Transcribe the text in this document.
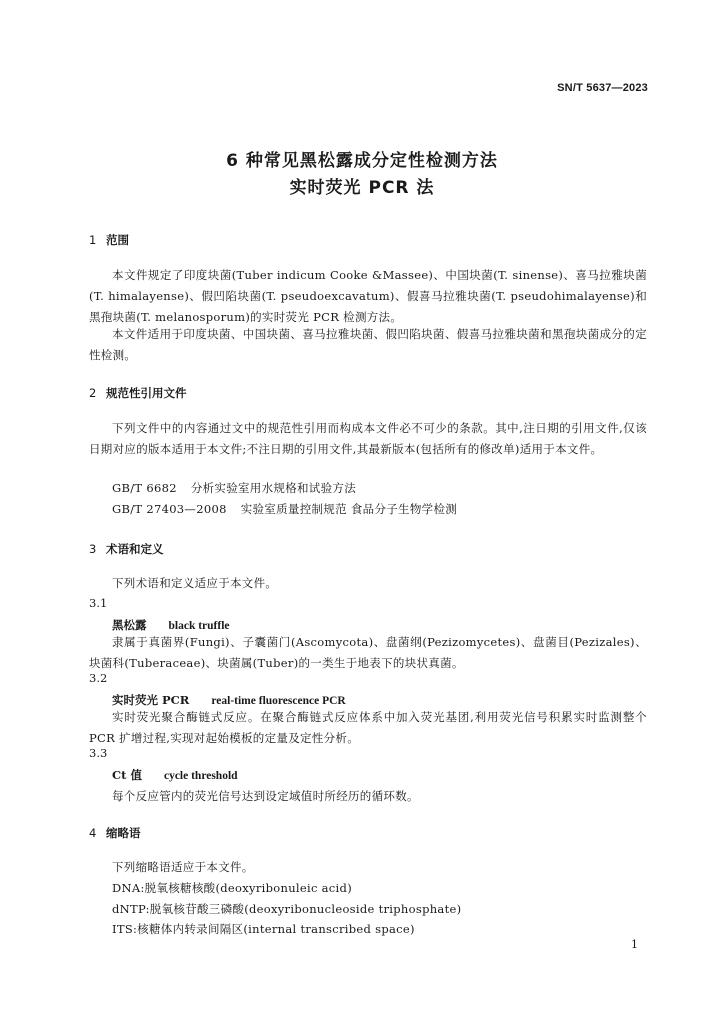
SN/T 5637—2023
6 种常见黑松露成分定性检测方法
实时荧光 PCR 法
1 范围
本文件规定了印度块菌(Tuber indicum Cooke &Massee)、中国块菌(T. sinense)、喜马拉雅块菌(T. himalayense)、假凹陷块菌(T. pseudoexcavatum)、假喜马拉雅块菌(T. pseudohimalayense)和黑孢块菌(T. melanosporum)的实时荧光 PCR 检测方法。
本文件适用于印度块菌、中国块菌、喜马拉雅块菌、假凹陷块菌、假喜马拉雅块菌和黑孢块菌成分的定性检测。
2 规范性引用文件
下列文件中的内容通过文中的规范性引用而构成本文件必不可少的条款。其中,注日期的引用文件,仅该日期对应的版本适用于本文件;不注日期的引用文件,其最新版本(包括所有的修改单)适用于本文件。
GB/T 6682 分析实验室用水规格和试验方法
GB/T 27403—2008 实验室质量控制规范 食品分子生物学检测
3 术语和定义
下列术语和定义适应于本文件。
3.1
黑松露 black truffle
隶属于真菌界(Fungi)、子囊菌门(Ascomycota)、盘菌纲(Pezizomycetes)、盘菌目(Pezizales)、块菌科(Tuberaceae)、块菌属(Tuber)的一类生于地表下的块状真菌。
3.2
实时荧光 PCR real-time fluorescence PCR
实时荧光聚合酶链式反应。在聚合酶链式反应体系中加入荧光基团,利用荧光信号积累实时监测整个 PCR 扩增过程,实现对起始模板的定量及定性分析。
3.3
Ct 值 cycle threshold
每个反应管内的荧光信号达到设定域值时所经历的循环数。
4 缩略语
下列缩略语适应于本文件。
DNA:脱氧核糖核酸(deoxyribonuleic acid)
dNTP:脱氧核苷酸三磷酸(deoxyribonucleoside triphosphate)
ITS:核糖体内转录间隔区(internal transcribed space)
1
